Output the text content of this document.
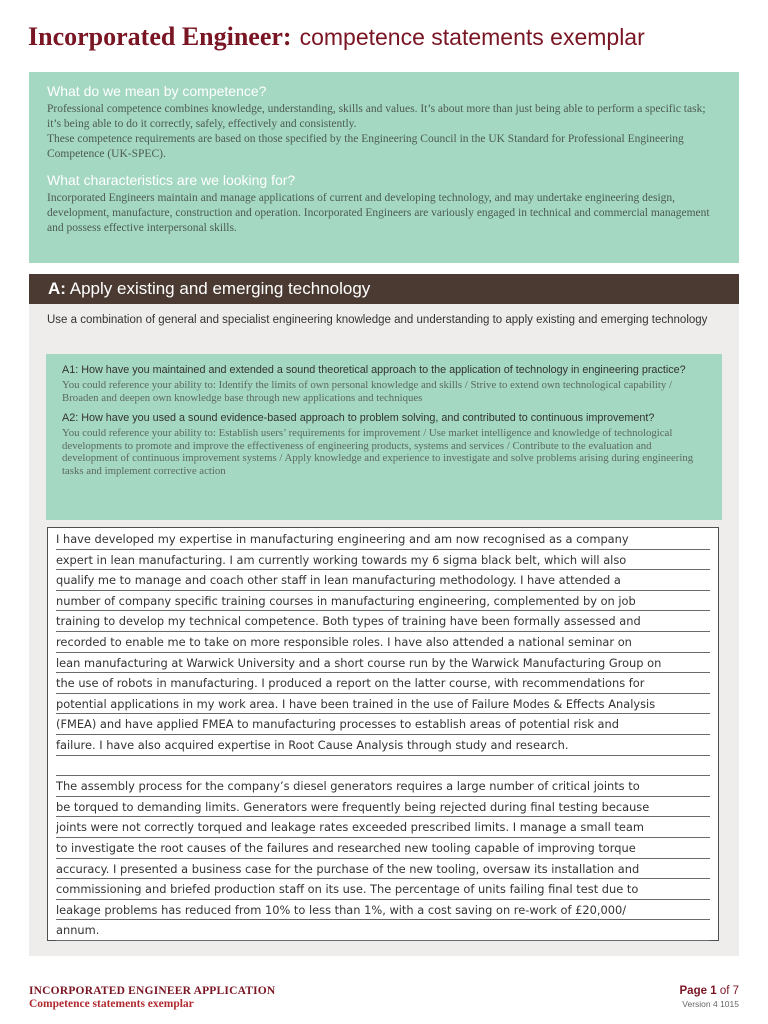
Incorporated Engineer: competence statements exemplar

What do we mean by competence?

Professional competence combines knowledge, understanding, skills and values. It’s about more than just being able to perform a specific task; it’s being able to do it correctly, safely, effectively and consistently.

These competence requirements are based on those specified by the Engineering Council in the UK Standard for Professional Engineering Competence (UK-SPEC).

What characteristics are we looking for?

Incorporated Engineers maintain and manage applications of current and developing technology, and may undertake engineering design, development, manufacture, construction and operation. Incorporated Engineers are variously engaged in technical and commercial management and possess effective interpersonal skills.

A: Apply existing and emerging technology
Use a combination of general and specialist engineering knowledge and understanding to apply existing and emerging technology

A1: How have you maintained and extended a sound theoretical approach to the application of technology in engineering practice?

You could reference your ability to: Identify the limits of own personal knowledge and skills / Strive to extend own technological capability / Broaden and deepen own knowledge base through new applications and techniques

A2: How have you used a sound evidence-based approach to problem solving, and contributed to continuous improvement?

You could reference your ability to: Establish users’ requirements for improvement / Use market intelligence and knowledge of technological developments to promote and improve the effectiveness of engineering products, systems and services / Contribute to the evaluation and development of continuous improvement systems / Apply knowledge and experience to investigate and solve problems arising during engineering tasks and implement corrective action

I have developed my expertise in manufacturing engineering and am now recognised as a company
expert in lean manufacturing. I am currently working towards my 6 sigma black belt, which will also
qualify me to manage and coach other staff in lean manufacturing methodology. I have attended a
number of company specific training courses in manufacturing engineering, complemented by on job
training to develop my technical competence. Both types of training have been formally assessed and
recorded to enable me to take on more responsible roles. I have also attended a national seminar on
lean manufacturing at Warwick University and a short course run by the Warwick Manufacturing Group on
the use of robots in manufacturing. I produced a report on the latter course, with recommendations for
potential applications in my work area. I have been trained in the use of Failure Modes & Effects Analysis
(FMEA) and have applied FMEA to manufacturing processes to establish areas of potential risk and
failure. I have also acquired expertise in Root Cause Analysis through study and research.
The assembly process for the company’s diesel generators requires a large number of critical joints to
be torqued to demanding limits. Generators were frequently being rejected during final testing because
joints were not correctly torqued and leakage rates exceeded prescribed limits. I manage a small team
to investigate the root causes of the failures and researched new tooling capable of improving torque
accuracy. I presented a business case for the purchase of the new tooling, oversaw its installation and
commissioning and briefed production staff on its use. The percentage of units failing final test due to
leakage problems has reduced from 10% to less than 1%, with a cost saving on re-work of £20,000/
annum.
INCORPORATED ENGINEER APPLICATION
Competence statements exemplar
Page 1 of 7
Version 4 1015
